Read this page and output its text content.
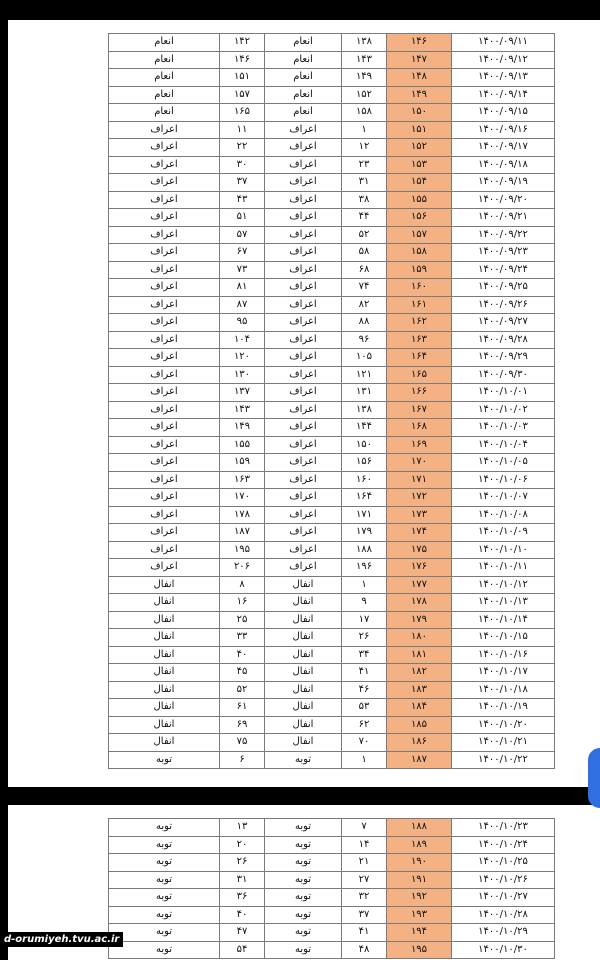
انعام	۱۴۲	انعام	۱۳۸	۱۴۶	۱۴۰۰/۰۹/۱۱
انعام	۱۴۶	انعام	۱۴۳	۱۴۷	۱۴۰۰/۰۹/۱۲
انعام	۱۵۱	انعام	۱۴۹	۱۴۸	۱۴۰۰/۰۹/۱۳
انعام	۱۵۷	انعام	۱۵۲	۱۴۹	۱۴۰۰/۰۹/۱۴
انعام	۱۶۵	انعام	۱۵۸	۱۵۰	۱۴۰۰/۰۹/۱۵
اعراف	۱۱	اعراف	۱	۱۵۱	۱۴۰۰/۰۹/۱۶
اعراف	۲۲	اعراف	۱۲	۱۵۲	۱۴۰۰/۰۹/۱۷
اعراف	۳۰	اعراف	۲۳	۱۵۳	۱۴۰۰/۰۹/۱۸
اعراف	۳۷	اعراف	۳۱	۱۵۴	۱۴۰۰/۰۹/۱۹
اعراف	۴۳	اعراف	۳۸	۱۵۵	۱۴۰۰/۰۹/۲۰
اعراف	۵۱	اعراف	۴۴	۱۵۶	۱۴۰۰/۰۹/۲۱
اعراف	۵۷	اعراف	۵۲	۱۵۷	۱۴۰۰/۰۹/۲۲
اعراف	۶۷	اعراف	۵۸	۱۵۸	۱۴۰۰/۰۹/۲۳
اعراف	۷۳	اعراف	۶۸	۱۵۹	۱۴۰۰/۰۹/۲۴
اعراف	۸۱	اعراف	۷۴	۱۶۰	۱۴۰۰/۰۹/۲۵
اعراف	۸۷	اعراف	۸۲	۱۶۱	۱۴۰۰/۰۹/۲۶
اعراف	۹۵	اعراف	۸۸	۱۶۲	۱۴۰۰/۰۹/۲۷
اعراف	۱۰۴	اعراف	۹۶	۱۶۳	۱۴۰۰/۰۹/۲۸
اعراف	۱۲۰	اعراف	۱۰۵	۱۶۴	۱۴۰۰/۰۹/۲۹
اعراف	۱۳۰	اعراف	۱۲۱	۱۶۵	۱۴۰۰/۰۹/۳۰
اعراف	۱۳۷	اعراف	۱۳۱	۱۶۶	۱۴۰۰/۱۰/۰۱
اعراف	۱۴۳	اعراف	۱۳۸	۱۶۷	۱۴۰۰/۱۰/۰۲
اعراف	۱۴۹	اعراف	۱۴۴	۱۶۸	۱۴۰۰/۱۰/۰۳
اعراف	۱۵۵	اعراف	۱۵۰	۱۶۹	۱۴۰۰/۱۰/۰۴
اعراف	۱۵۹	اعراف	۱۵۶	۱۷۰	۱۴۰۰/۱۰/۰۵
اعراف	۱۶۳	اعراف	۱۶۰	۱۷۱	۱۴۰۰/۱۰/۰۶
اعراف	۱۷۰	اعراف	۱۶۴	۱۷۲	۱۴۰۰/۱۰/۰۷
اعراف	۱۷۸	اعراف	۱۷۱	۱۷۳	۱۴۰۰/۱۰/۰۸
اعراف	۱۸۷	اعراف	۱۷۹	۱۷۴	۱۴۰۰/۱۰/۰۹
اعراف	۱۹۵	اعراف	۱۸۸	۱۷۵	۱۴۰۰/۱۰/۱۰
اعراف	۲۰۶	اعراف	۱۹۶	۱۷۶	۱۴۰۰/۱۰/۱۱
انفال	۸	انفال	۱	۱۷۷	۱۴۰۰/۱۰/۱۲
انفال	۱۶	انفال	۹	۱۷۸	۱۴۰۰/۱۰/۱۳
انفال	۲۵	انفال	۱۷	۱۷۹	۱۴۰۰/۱۰/۱۴
انفال	۳۳	انفال	۲۶	۱۸۰	۱۴۰۰/۱۰/۱۵
انفال	۴۰	انفال	۳۴	۱۸۱	۱۴۰۰/۱۰/۱۶
انفال	۴۵	انفال	۴۱	۱۸۲	۱۴۰۰/۱۰/۱۷
انفال	۵۲	انفال	۴۶	۱۸۳	۱۴۰۰/۱۰/۱۸
انفال	۶۱	انفال	۵۳	۱۸۴	۱۴۰۰/۱۰/۱۹
انفال	۶۹	انفال	۶۲	۱۸۵	۱۴۰۰/۱۰/۲۰
انفال	۷۵	انفال	۷۰	۱۸۶	۱۴۰۰/۱۰/۲۱
توبه	۶	توبه	۱	۱۸۷	۱۴۰۰/۱۰/۲۲
توبه	۱۳	توبه	۷	۱۸۸	۱۴۰۰/۱۰/۲۳
توبه	۲۰	توبه	۱۴	۱۸۹	۱۴۰۰/۱۰/۲۴
توبه	۲۶	توبه	۲۱	۱۹۰	۱۴۰۰/۱۰/۲۵
توبه	۳۱	توبه	۲۷	۱۹۱	۱۴۰۰/۱۰/۲۶
توبه	۳۶	توبه	۳۲	۱۹۲	۱۴۰۰/۱۰/۲۷
توبه	۴۰	توبه	۳۷	۱۹۳	۱۴۰۰/۱۰/۲۸
توبه	۴۷	توبه	۴۱	۱۹۴	۱۴۰۰/۱۰/۲۹
توبه	۵۴	توبه	۴۸	۱۹۵	۱۴۰۰/۱۰/۳۰
d-orumiyeh.tvu.ac.ir
